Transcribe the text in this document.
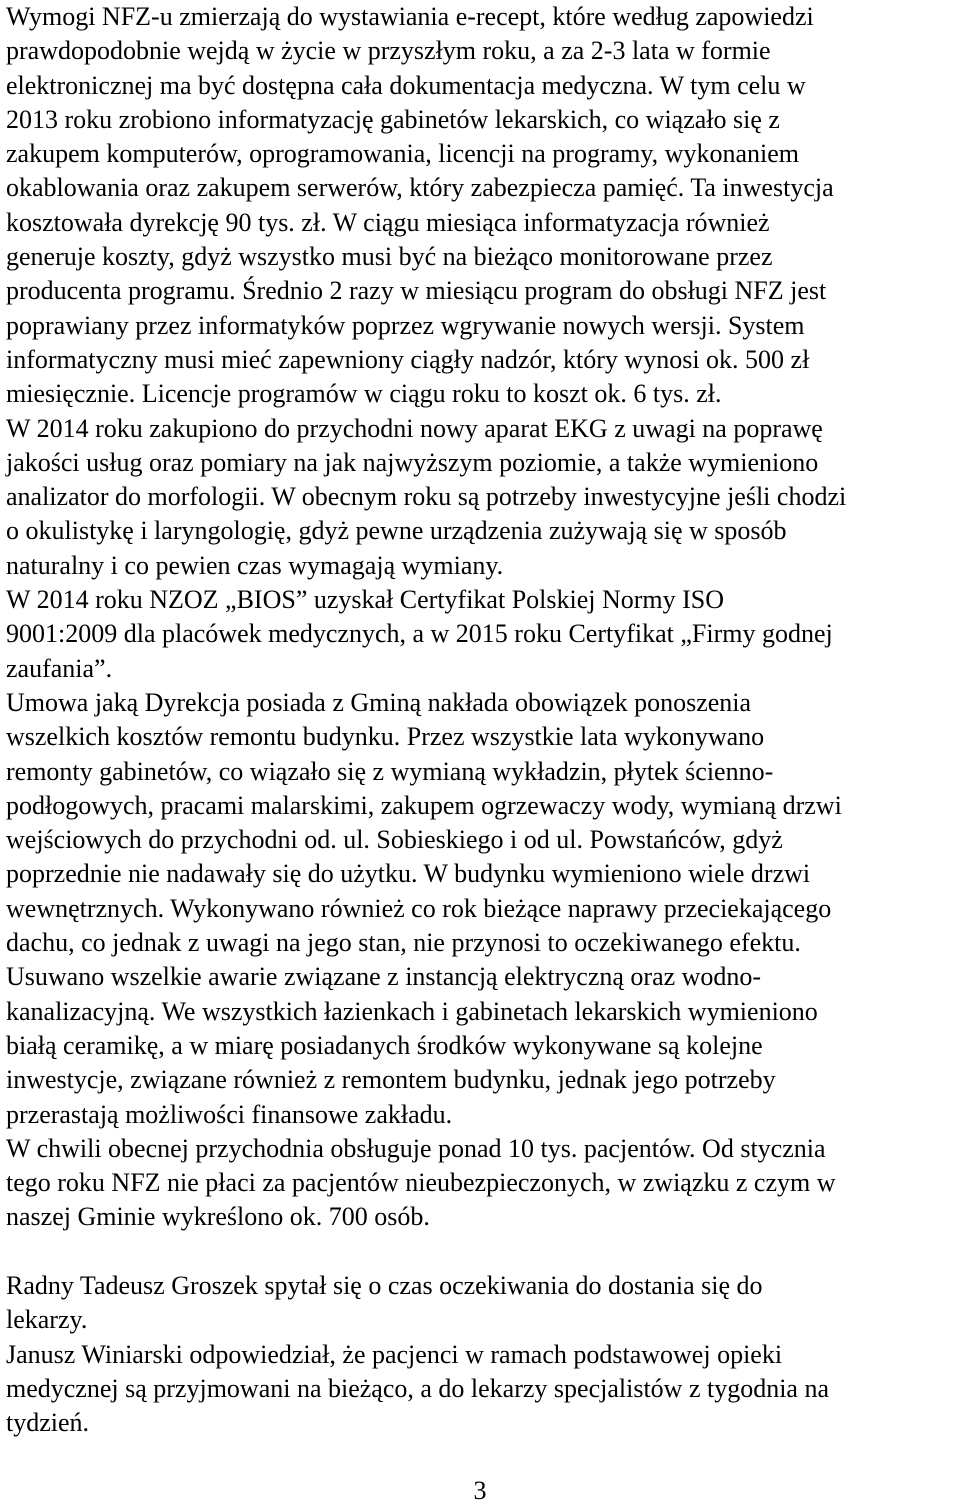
Wymogi NFZ-u zmierzają do wystawiania e-recept, które według zapowiedzi
prawdopodobnie wejdą w życie w przyszłym roku, a za 2-3 lata w formie
elektronicznej ma być dostępna cała dokumentacja medyczna. W tym celu w
2013 roku zrobiono informatyzację gabinetów lekarskich, co wiązało się z
zakupem komputerów, oprogramowania, licencji na programy, wykonaniem
okablowania oraz zakupem serwerów, który zabezpiecza pamięć. Ta inwestycja
kosztowała dyrekcję 90 tys. zł. W ciągu miesiąca informatyzacja również
generuje koszty, gdyż wszystko musi być na bieżąco monitorowane przez
producenta programu. Średnio 2 razy w miesiącu program do obsługi NFZ jest
poprawiany przez informatyków poprzez wgrywanie nowych wersji. System
informatyczny musi mieć zapewniony ciągły nadzór, który wynosi ok. 500 zł
miesięcznie. Licencje programów w ciągu roku to koszt ok. 6 tys. zł.

W 2014 roku zakupiono do przychodni nowy aparat EKG z uwagi na poprawę
jakości usług oraz pomiary na jak najwyższym poziomie, a także wymieniono
analizator do morfologii. W obecnym roku są potrzeby inwestycyjne jeśli chodzi
o okulistykę i laryngologię, gdyż pewne urządzenia zużywają się w sposób
naturalny i co pewien czas wymagają wymiany.

W 2014 roku NZOZ „BIOS” uzyskał Certyfikat Polskiej Normy ISO
9001:2009 dla placówek medycznych, a w 2015 roku Certyfikat „Firmy godnej
zaufania”.

Umowa jaką Dyrekcja posiada z Gminą nakłada obowiązek ponoszenia
wszelkich kosztów remontu budynku. Przez wszystkie lata wykonywano
remonty gabinetów, co wiązało się z wymianą wykładzin, płytek ścienno-
podłogowych, pracami malarskimi, zakupem ogrzewaczy wody, wymianą drzwi
wejściowych do przychodni od. ul. Sobieskiego i od ul. Powstańców, gdyż
poprzednie nie nadawały się do użytku. W budynku wymieniono wiele drzwi
wewnętrznych. Wykonywano również co rok bieżące naprawy przeciekającego
dachu, co jednak z uwagi na jego stan, nie przynosi to oczekiwanego efektu.
Usuwano wszelkie awarie związane z instancją elektryczną oraz wodno-
kanalizacyjną. We wszystkich łazienkach i gabinetach lekarskich wymieniono
białą ceramikę, a w miarę posiadanych środków wykonywane są kolejne
inwestycje, związane również z remontem budynku, jednak jego potrzeby
przerastają możliwości finansowe zakładu.

W chwili obecnej przychodnia obsługuje ponad 10 tys. pacjentów. Od stycznia
tego roku NFZ nie płaci za pacjentów nieubezpieczonych, w związku z czym w
naszej Gminie wykreślono ok. 700 osób.

Radny Tadeusz Groszek spytał się o czas oczekiwania do dostania się do
lekarzy.

Janusz Winiarski odpowiedział, że pacjenci w ramach podstawowej opieki
medycznej są przyjmowani na bieżąco, a do lekarzy specjalistów z tygodnia na
tydzień.

3
